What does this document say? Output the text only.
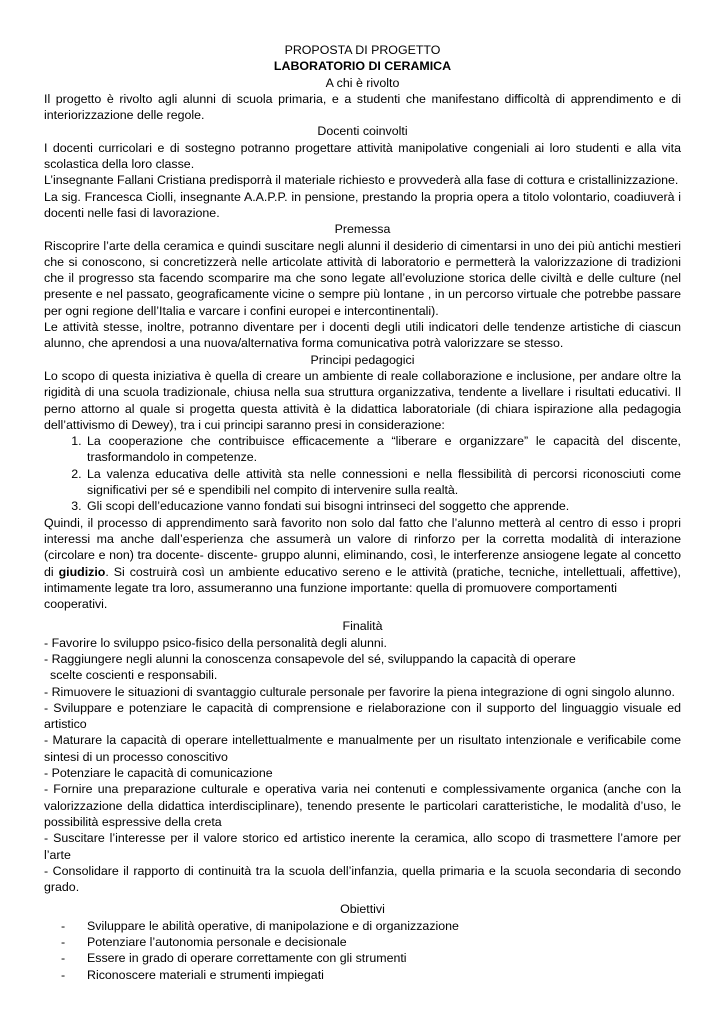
PROPOSTA DI PROGETTO
LABORATORIO DI CERAMICA
A chi è rivolto

Il progetto è rivolto agli alunni di scuola primaria, e a studenti che manifestano difficoltà di apprendimento e di interiorizzazione delle regole.

Docenti coinvolti

I docenti curricolari e di sostegno potranno progettare attività manipolative congeniali ai loro studenti e alla vita scolastica della loro classe.

L’insegnante Fallani Cristiana predisporrà il materiale richiesto e provvederà alla fase di cottura e cristallinizzazione.

La sig. Francesca Ciolli, insegnante A.A.P.P. in pensione, prestando la propria opera a titolo volontario, coadiuverà i docenti nelle fasi di lavorazione.

Premessa

Riscoprire l’arte della ceramica e quindi suscitare negli alunni il desiderio di cimentarsi in uno dei più antichi mestieri che si conoscono, si concretizzerà nelle articolate attività di laboratorio e permetterà la valorizzazione di tradizioni che il progresso sta facendo scomparire ma che sono legate all’evoluzione storica delle civiltà e delle culture (nel presente e nel passato, geograficamente vicine o sempre più lontane , in un percorso virtuale che potrebbe passare per ogni regione dell’Italia e varcare i confini europei e intercontinentali).

Le attività stesse, inoltre, potranno diventare per i docenti degli utili indicatori delle tendenze artistiche di ciascun alunno, che aprendosi a una nuova/alternativa forma comunicativa potrà valorizzare se stesso.

Principi pedagogici

Lo scopo di questa iniziativa è quella di creare un ambiente di reale collaborazione e inclusione, per andare oltre la rigidità di una scuola tradizionale, chiusa nella sua struttura organizzativa, tendente a livellare i risultati educativi. Il perno attorno al quale si progetta questa attività è la didattica laboratoriale (di chiara ispirazione alla pedagogia dell’attivismo di Dewey), tra i cui principi saranno presi in considerazione:

1. La cooperazione che contribuisce efficacemente a “liberare e organizzare” le capacità del discente, trasformandolo in competenze.
2. La valenza educativa delle attività sta nelle connessioni e nella flessibilità di percorsi riconosciuti come significativi per sé e spendibili nel compito di intervenire sulla realtà.
3. Gli scopi dell’educazione vanno fondati sui bisogni intrinseci del soggetto che apprende.

Quindi, il processo di apprendimento sarà favorito non solo dal fatto che l’alunno metterà al centro di esso i propri interessi ma anche dall’esperienza che assumerà un valore di rinforzo per la corretta modalità di interazione (circolare e non) tra docente- discente- gruppo alunni, eliminando, così, le interferenze ansiogene legate al concetto di giudizio. Si costruirà così un ambiente educativo sereno e le attività (pratiche, tecniche, intellettuali, affettive), intimamente legate tra loro, assumeranno una funzione importante: quella di promuovere comportamenti

cooperativi.
Finalità

- Favorire lo sviluppo psico-fisico della personalità degli alunni.

- Raggiungere negli alunni la conoscenza consapevole del sé, sviluppando la capacità di operare

scelte coscienti e responsabili.

- Rimuovere le situazioni di svantaggio culturale personale per favorire la piena integrazione di ogni singolo alunno.

- Sviluppare e potenziare le capacità di comprensione e rielaborazione con il supporto del linguaggio visuale ed artistico

- Maturare la capacità di operare intellettualmente e manualmente per un risultato intenzionale e verificabile come sintesi di un processo conoscitivo

- Potenziare le capacità di comunicazione

- Fornire una preparazione culturale e operativa varia nei contenuti e complessivamente organica (anche con la valorizzazione della didattica interdisciplinare), tenendo presente le particolari caratteristiche, le modalità d’uso, le possibilità espressive della creta

- Suscitare l’interesse per il valore storico ed artistico inerente la ceramica, allo scopo di trasmettere l’amore per l’arte

- Consolidare il rapporto di continuità tra la scuola dell’infanzia, quella primaria e la scuola secondaria di secondo grado.

Obiettivi
- Sviluppare le abilità operative, di manipolazione e di organizzazione
- Potenziare l’autonomia personale e decisionale
- Essere in grado di operare correttamente con gli strumenti
- Riconoscere materiali e strumenti impiegati
